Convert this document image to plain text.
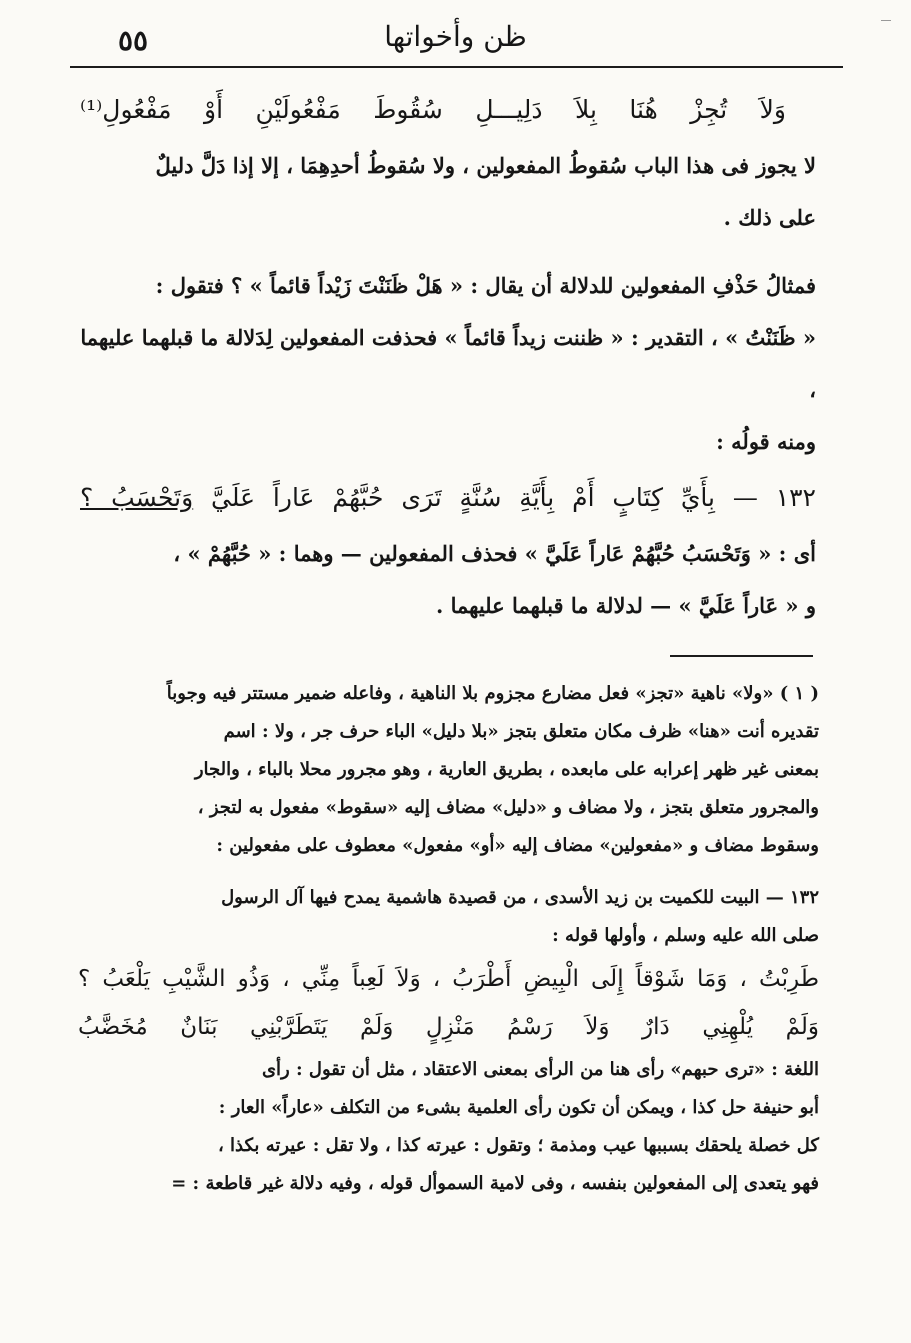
٥٥	ظن وأخواتها
وَلاَ تُجِزْ هُنَا بِلاَ دَلِيـــلِ سُقُوطَ مَفْعُولَيْنِ أَوْ مَفْعُولِ⁽¹⁾

لا يجوز فى هذا الباب سُقوطُ المفعولين ، ولا سُقوطُ أحدِهِمَا ، إلا إذا دَلَّ دليلٌ

على ذلك .

فمثالُ حَذْفِ المفعولين للدلالة أن يقال : « هَلْ ظَنَنْتَ زَيْداً قائماً » ؟ فتقول :

« ظَنَنْتُ » ، التقدير : « ظننت زيداً قائماً » فحذفت المفعولين لِدَلالة ما قبلهما عليهما ،

ومنه قولُه :

١٣٢ — بِأَيِّ كِتَابٍ أَمْ بِأَيَّةِ سُنَّةٍ تَرَى حُبَّهُمْ عَاراً عَلَيَّ وَتَحْسَبُ ؟

أى : « وَتَحْسَبُ حُبَّهُمْ عَاراً عَلَيَّ » فحذف المفعولين — وهما : « حُبَّهُمْ » ،

و « عَاراً عَلَيَّ » — لدلالة ما قبلهما عليهما .

( ١ ) «ولا» ناهية «تجز» فعل مضارع مجزوم بلا الناهية ، وفاعله ضمير مستتر فيه وجوباً

تقديره أنت «هنا» ظرف مكان متعلق بتجز «بلا دليل» الباء حرف جر ، ولا : اسم

بمعنى غير ظهر إعرابه على مابعده ، بطريق العارية ، وهو مجرور محلا بالباء ، والجار

والمجرور متعلق بتجز ، ولا مضاف و «دليل» مضاف إليه «سقوط» مفعول به لتجز ،

وسقوط مضاف و «مفعولين» مضاف إليه «أو» مفعول» معطوف على مفعولين :

١٣٢ — البيت للكميت بن زيد الأسدى ، من قصيدة هاشمية يمدح فيها آل الرسول

صلى الله عليه وسلم ، وأولها قوله :

طَرِبْتُ ، وَمَا شَوْقاً إِلَى الْبِيضِ أَطْرَبُ ، وَلاَ لَعِباً مِنِّي ، وَذُو الشَّيْبِ يَلْعَبُ ؟
وَلَمْ يُلْهِنِي دَارٌ وَلاَ رَسْمُ مَنْزِلٍ وَلَمْ يَتَطَرَّبْنِي بَنَانٌ مُخَضَّبُ

اللغة : «ترى حبهم» رأى هنا من الرأى بمعنى الاعتقاد ، مثل أن تقول : رأى

أبو حنيفة حل كذا ، ويمكن أن تكون رأى العلمية بشىء من التكلف «عاراً» العار :

كل خصلة يلحقك بسببها عيب ومذمة ؛ وتقول : عيرته كذا ، ولا تقل : عيرته بكذا ،

فهو يتعدى إلى المفعولين بنفسه ، وفى لامية السموأل قوله ، وفيه دلالة غير قاطعة : =
